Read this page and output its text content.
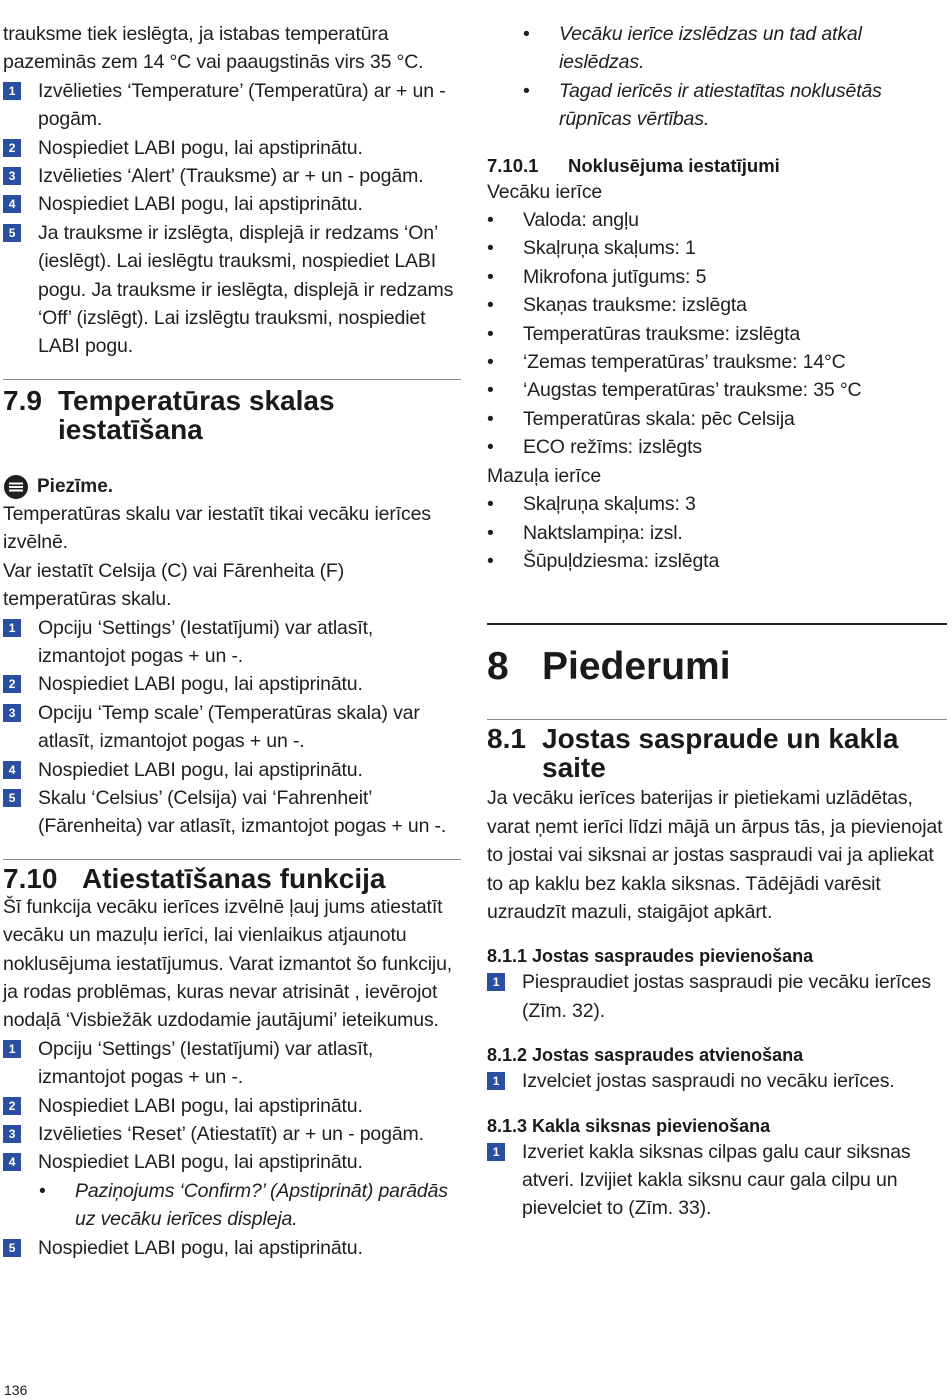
trauksme tiek ieslēgta, ja istabas temperatūra pazeminās zem 14 °C vai paaugstinās virs 35 °C.

1 Izvēlieties ‘Temperature’ (Temperatūra) ar + un - pogām.
2 Nospiediet LABI pogu, lai apstiprinātu.
3 Izvēlieties ‘Alert’ (Trauksme) ar + un - pogām.
4 Nospiediet LABI pogu, lai apstiprinātu.
5 Ja trauksme ir izslēgta, displejā ir redzams ‘On’ (ieslēgt). Lai ieslēgtu trauksmi, nospiediet LABI pogu. Ja trauksme ir ieslēgta, displejā ir redzams ‘Off’ (izslēgt). Lai izslēgtu trauksmi, nospiediet LABI pogu.
7.9 Temperatūras skalas iestatīšana
Piezīme.

Temperatūras skalu var iestatīt tikai vecāku ierīces izvēlnē.

Var iestatīt Celsija (C) vai Fārenheita (F) temperatūras skalu.

1 Opciju ‘Settings’ (Iestatījumi) var atlasīt, izmantojot pogas + un -.
2 Nospiediet LABI pogu, lai apstiprinātu.
3 Opciju ‘Temp scale’ (Temperatūras skala) var atlasīt, izmantojot pogas + un -.
4 Nospiediet LABI pogu, lai apstiprinātu.
5 Skalu ‘Celsius’ (Celsija) vai ‘Fahrenheit’ (Fārenheita) var atlasīt, izmantojot pogas + un -.
7.10 Atiestatīšanas funkcija

Šī funkcija vecāku ierīces izvēlnē ļauj jums atiestatīt vecāku un mazuļu ierīci, lai vienlaikus atjaunotu noklusējuma iestatījumus. Varat izmantot šo funkciju, ja rodas problēmas, kuras nevar atrisināt , ievērojot nodaļā ‘Visbiežāk uzdodamie jautājumi’ ieteikumus.

1 Opciju ‘Settings’ (Iestatījumi) var atlasīt, izmantojot pogas + un -.
2 Nospiediet LABI pogu, lai apstiprinātu.
3 Izvēlieties ‘Reset’ (Atiestatīt) ar + un - pogām.
4 Nospiediet LABI pogu, lai apstiprinātu.
•	Paziņojums ‘Confirm?’ (Apstiprināt) parādās uz vecāku ierīces displeja.
5 Nospiediet LABI pogu, lai apstiprinātu.
•	Vecāku ierīce izslēdzas un tad atkal ieslēdzas.
•	Tagad ierīcēs ir atiestatītas noklusētās rūpnīcas vērtības.
7.10.1 Noklusējuma iestatījumi

Vecāku ierīce

•	Valoda: angļu
•	Skaļruņa skaļums: 1
•	Mikrofona jutīgums: 5
•	Skaņas trauksme: izslēgta
•	Temperatūras trauksme: izslēgta
•	‘Zemas temperatūras’ trauksme: 14°C
•	‘Augstas temperatūras’ trauksme: 35 °C
•	Temperatūras skala: pēc Celsija
•	ECO režīms: izslēgts

Mazuļa ierīce

•	Skaļruņa skaļums: 3
•	Naktslampiņa: izsl.
•	Šūpuļdziesma: izslēgta
8 Piederumi
8.1 Jostas saspraude un kakla saite

Ja vecāku ierīces baterijas ir pietiekami uzlādētas, varat ņemt ierīci līdzi mājā un ārpus tās, ja pievienojat to jostai vai siksnai ar jostas saspraudi vai ja apliekat to ap kaklu bez kakla siksnas. Tādējādi varēsit uzraudzīt mazuli, staigājot apkārt.

8.1.1 Jostas saspraudes pievienošana
1 Piespraudiet jostas saspraudi pie vecāku ierīces (Zīm. 32).
8.1.2 Jostas saspraudes atvienošana
1 Izvelciet jostas saspraudi no vecāku ierīces.
8.1.3 Kakla siksnas pievienošana
1 Izveriet kakla siksnas cilpas galu caur siksnas atveri. Izvijiet kakla siksnu caur gala cilpu un pievelciet to (Zīm. 33).
136
